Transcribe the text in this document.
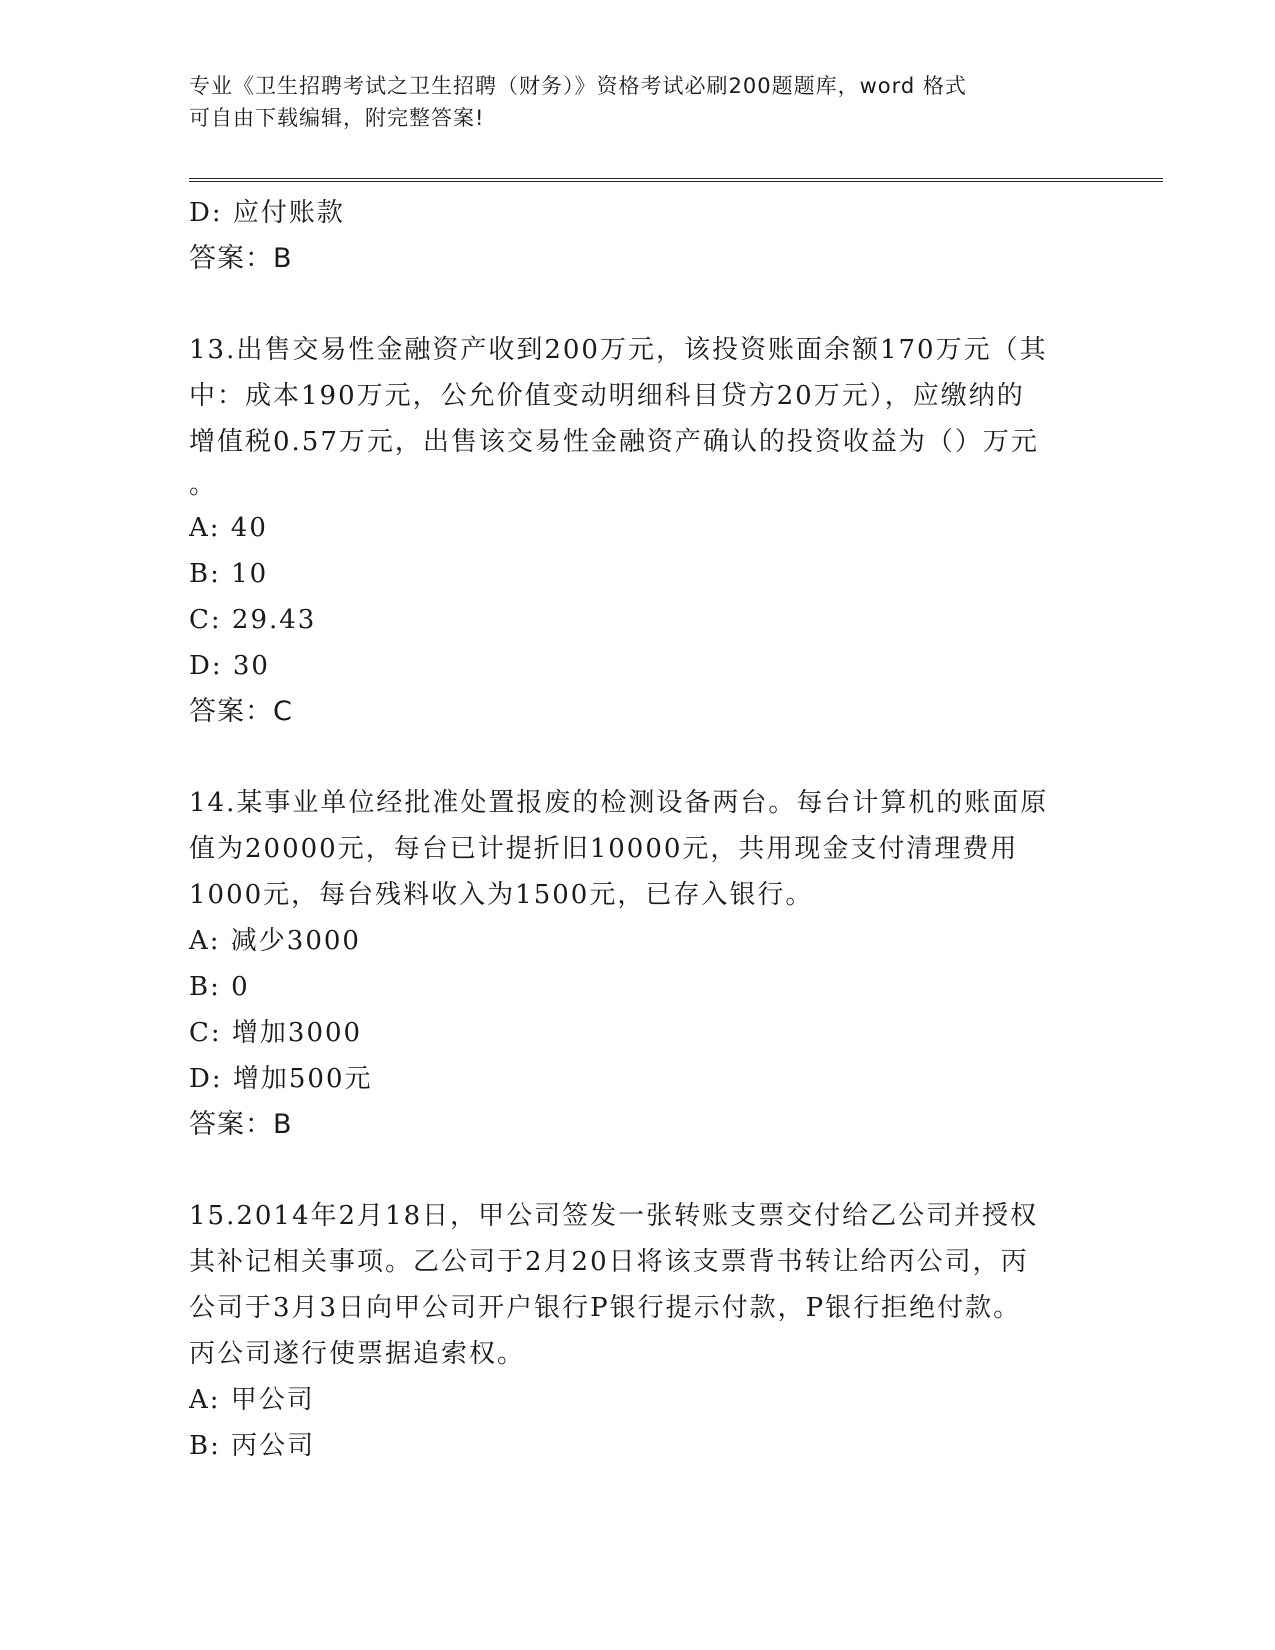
专业《卫生招聘考试之卫生招聘（财务）》资格考试必刷200题题库，word 格式
可自由下载编辑，附完整答案!
D: 应付账款
答案：B
13.出售交易性金融资产收到200万元，该投资账面余额170万元（其
中：成本190万元，公允价值变动明细科目贷方20万元），应缴纳的
增值税0.57万元，出售该交易性金融资产确认的投资收益为（）万元
。
A: 40
B: 10
C: 29.43
D: 30
答案：C
14.某事业单位经批准处置报废的检测设备两台。每台计算机的账面原
值为20000元，每台已计提折旧10000元，共用现金支付清理费用
1000元，每台残料收入为1500元，已存入银行。
A: 减少3000
B: 0
C: 增加3000
D: 增加500元
答案：B
15.2014年2月18日，甲公司签发一张转账支票交付给乙公司并授权
其补记相关事项。乙公司于2月20日将该支票背书转让给丙公司，丙
公司于3月3日向甲公司开户银行P银行提示付款，P银行拒绝付款。
丙公司遂行使票据追索权。
A: 甲公司
B: 丙公司
